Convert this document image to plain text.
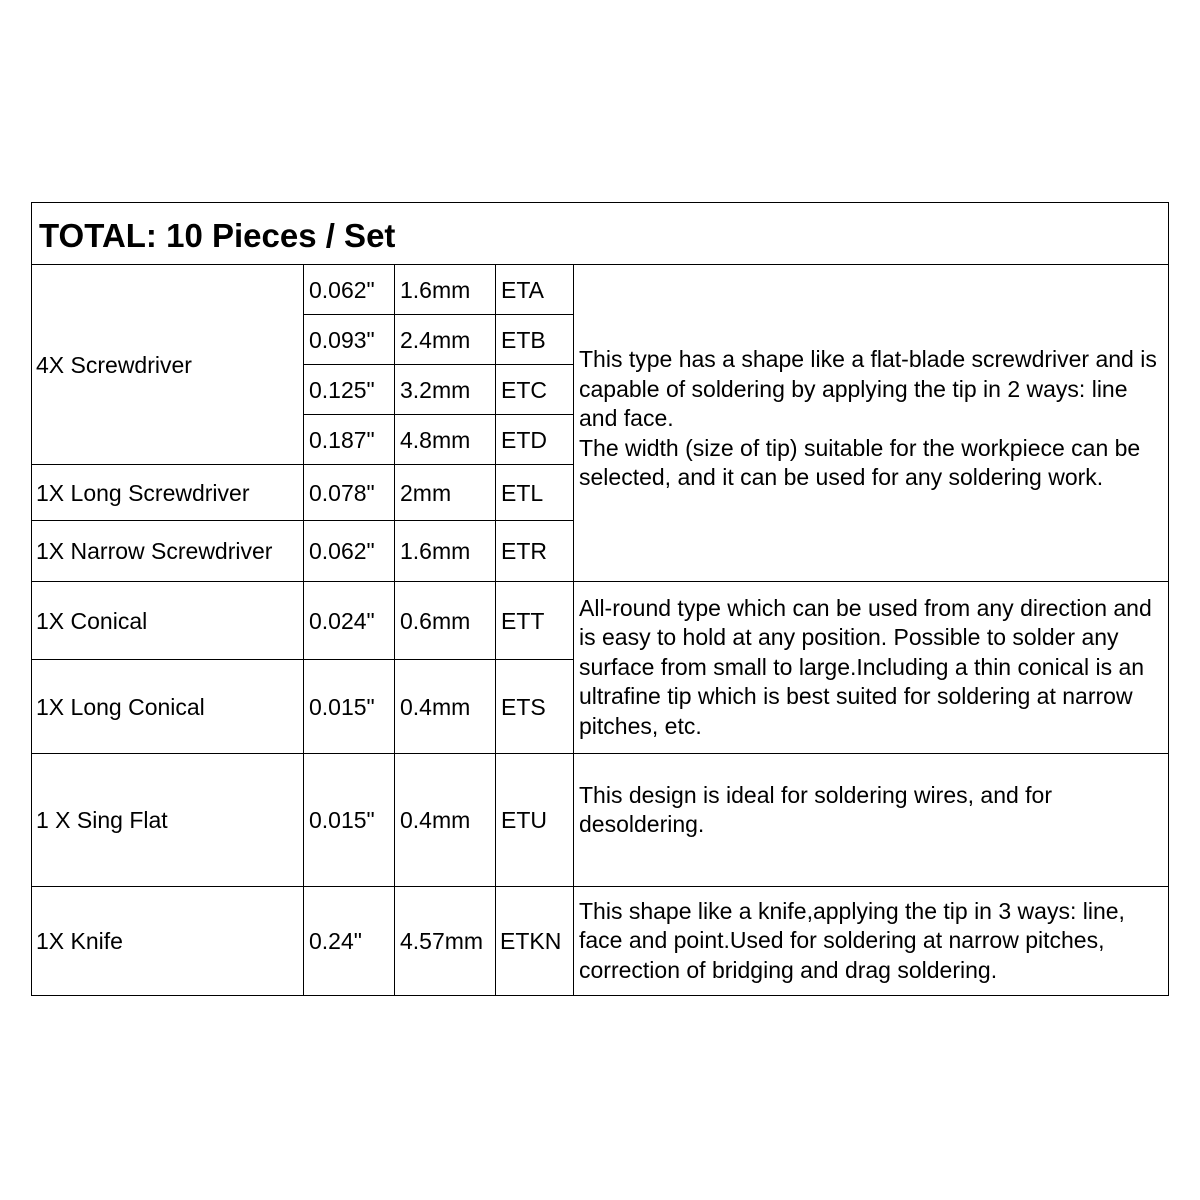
TOTAL: 10 Pieces / Set				
4X Screwdriver	0.062"	1.6mm	ETA	This type has a shape like a flat-blade screwdriver and is capable of soldering by applying the tip in 2 ways: line and face.
The width (size of tip) suitable for the workpiece can be selected, and it can be used for any soldering work.

	0.093"	2.4mm	ETB	
	0.125"	3.2mm	ETC	
	0.187"	4.8mm	ETD	
1X Long Screwdriver	0.078"	2mm	ETL	
1X Narrow Screwdriver	0.062"	1.6mm	ETR	
1X Conical	0.024"	0.6mm	ETT	All-round type which can be used from any direction and is easy to hold at any position. Possible to solder any surface from small to large.Including a thin conical is an ultrafine tip which is best suited for soldering at narrow pitches, etc.
1X Long Conical	0.015"	0.4mm	ETS	
1 X Sing Flat	0.015"	0.4mm	ETU	This design is ideal for soldering wires, and for desoldering.

1X Knife	0.24"	4.57mm	ETKN	This shape like a knife,applying the tip in 3 ways: line, face and point.Used for soldering at narrow pitches, correction of bridging and drag soldering.
